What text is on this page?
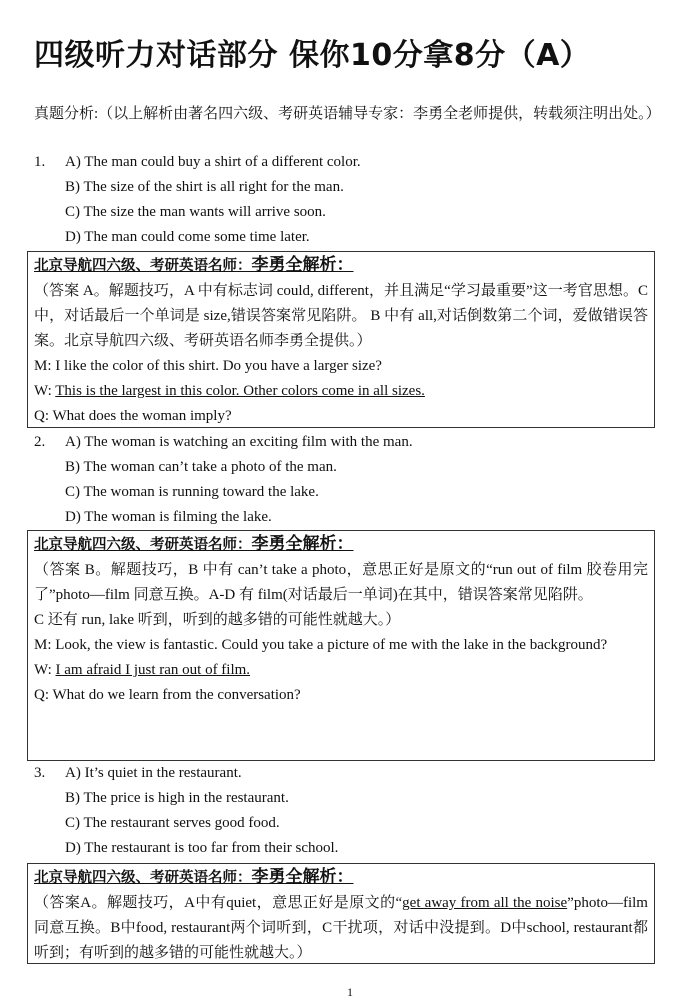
四级听力对话部分 保你10分拿8分（A）
真题分析:（以上解析由著名四六级、考研英语辅导专家：李勇全老师提供，转载须注明出处。）
1. A) The man could buy a shirt of a different color.
B) The size of the shirt is all right for the man.
C) The size the man wants will arrive soon.
D) The man could come some time later.
北京导航四六级、考研英语名师：李勇全解析：
（答案 A。解题技巧，A 中有标志词 could, different，并且满足“学习最重要”这一考官思想。C 中，对话最后一个单词是 size,错误答案常见陷阱。 B 中有 all,对话倒数第二个词，爱做错误答案。北京导航四六级、考研英语名师李勇全提供。）
M: I like the color of this shirt. Do you have a larger size?
W: This is the largest in this color. Other colors come in all sizes.
Q: What does the woman imply?
2. A) The woman is watching an exciting film with the man.
B) The woman can’t take a photo of the man.
C) The woman is running toward the lake.
D) The woman is filming the lake.
北京导航四六级、考研英语名师：李勇全解析：
（答案 B。解题技巧，B 中有 can’t take a photo，意思正好是原文的“run out of film 胶卷用完了”photo—film 同意互换。A-D 有 film(对话最后一单词)在其中，错误答案常见陷阱。
C 还有 run, lake 听到，听到的越多错的可能性就越大。）
M: Look, the view is fantastic. Could you take a picture of me with the lake in the background?
W: I am afraid I just ran out of film.
Q: What do we learn from the conversation?
3. A) It’s quiet in the restaurant.
B) The price is high in the restaurant.
C) The restaurant serves good food.
D) The restaurant is too far from their school.
北京导航四六级、考研英语名师：李勇全解析：
（答案A。解题技巧，A中有quiet，意思正好是原文的“get away from all the noise”photo—film同意互换。B中food, restaurant两个词听到，C干扰项，对话中没提到。D中school, restaurant都听到；有听到的越多错的可能性就越大。）
1
